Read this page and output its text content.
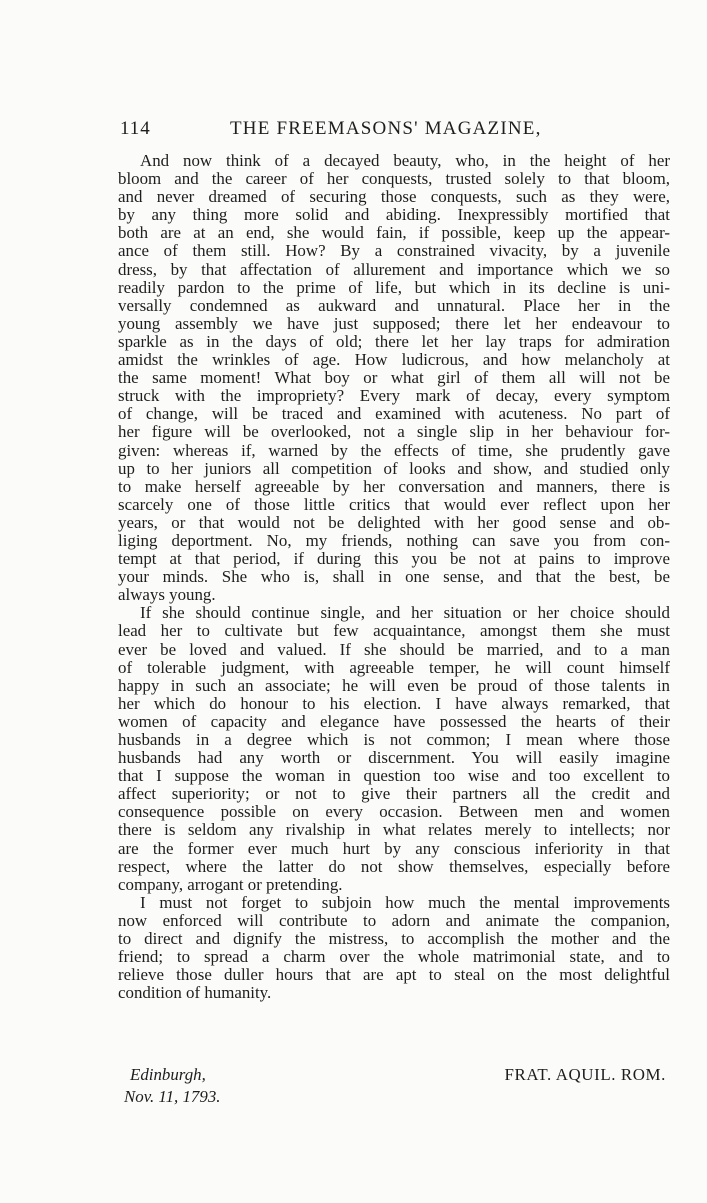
114	THE FREEMASONS' MAGAZINE,
And now think of a decayed beauty, who, in the height of her
bloom and the career of her conquests, trusted solely to that bloom,
and never dreamed of securing those conquests, such as they were,
by any thing more solid and abiding. Inexpressibly mortified that
both are at an end, she would fain, if possible, keep up the appear-
ance of them still. How? By a constrained vivacity, by a juvenile
dress, by that affectation of allurement and importance which we so
readily pardon to the prime of life, but which in its decline is uni-
versally condemned as aukward and unnatural. Place her in the
young assembly we have just supposed; there let her endeavour to
sparkle as in the days of old; there let her lay traps for admiration
amidst the wrinkles of age. How ludicrous, and how melancholy at
the same moment! What boy or what girl of them all will not be
struck with the impropriety? Every mark of decay, every symptom
of change, will be traced and examined with acuteness. No part of
her figure will be overlooked, not a single slip in her behaviour for-
given: whereas if, warned by the effects of time, she prudently gave
up to her juniors all competition of looks and show, and studied only
to make herself agreeable by her conversation and manners, there is
scarcely one of those little critics that would ever reflect upon her
years, or that would not be delighted with her good sense and ob-
liging deportment. No, my friends, nothing can save you from con-
tempt at that period, if during this you be not at pains to improve
your minds. She who is, shall in one sense, and that the best, be
always young.
If she should continue single, and her situation or her choice should
lead her to cultivate but few acquaintance, amongst them she must
ever be loved and valued. If she should be married, and to a man
of tolerable judgment, with agreeable temper, he will count himself
happy in such an associate; he will even be proud of those talents in
her which do honour to his election. I have always remarked, that
women of capacity and elegance have possessed the hearts of their
husbands in a degree which is not common; I mean where those
husbands had any worth or discernment. You will easily imagine
that I suppose the woman in question too wise and too excellent to
affect superiority; or not to give their partners all the credit and
consequence possible on every occasion. Between men and women
there is seldom any rivalship in what relates merely to intellects; nor
are the former ever much hurt by any conscious inferiority in that
respect, where the latter do not show themselves, especially before
company, arrogant or pretending.
I must not forget to subjoin how much the mental improvements
now enforced will contribute to adorn and animate the companion,
to direct and dignify the mistress, to accomplish the mother and the
friend; to spread a charm over the whole matrimonial state, and to
relieve those duller hours that are apt to steal on the most delightful
condition of humanity.
Edinburgh,	FRAT. AQUIL. ROM.
Nov. 11, 1793.
